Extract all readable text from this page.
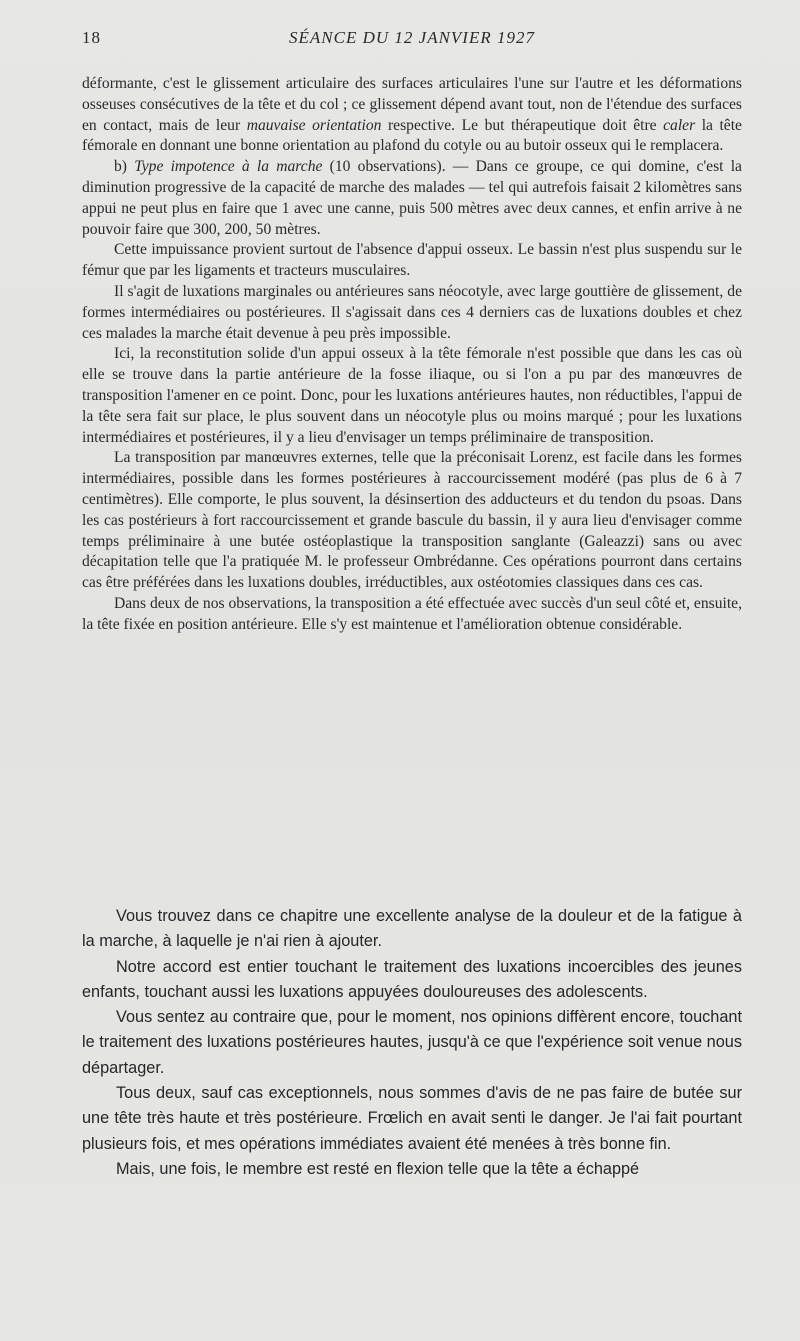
18	SÉANCE DU 12 JANVIER 1927

déformante, c'est le glissement articulaire des surfaces articulaires l'une sur l'autre et les déformations osseuses consécutives de la tête et du col ; ce glissement dépend avant tout, non de l'étendue des surfaces en contact, mais de leur mauvaise orientation respective. Le but thérapeutique doit être caler la tête fémorale en donnant une bonne orientation au plafond du cotyle ou au butoir osseux qui le remplacera.

b) Type impotence à la marche (10 observations). — Dans ce groupe, ce qui domine, c'est la diminution progressive de la capacité de marche des malades — tel qui autrefois faisait 2 kilomètres sans appui ne peut plus en faire que 1 avec une canne, puis 500 mètres avec deux cannes, et enfin arrive à ne pouvoir faire que 300, 200, 50 mètres.

Cette impuissance provient surtout de l'absence d'appui osseux. Le bassin n'est plus suspendu sur le fémur que par les ligaments et tracteurs musculaires.

Il s'agit de luxations marginales ou antérieures sans néocotyle, avec large gouttière de glissement, de formes intermédiaires ou postérieures. Il s'agissait dans ces 4 derniers cas de luxations doubles et chez ces malades la marche était devenue à peu près impossible.

Ici, la reconstitution solide d'un appui osseux à la tête fémorale n'est possible que dans les cas où elle se trouve dans la partie antérieure de la fosse iliaque, ou si l'on a pu par des manœuvres de transposition l'amener en ce point. Donc, pour les luxations antérieures hautes, non réductibles, l'appui de la tête sera fait sur place, le plus souvent dans un néocotyle plus ou moins marqué ; pour les luxations intermédiaires et postérieures, il y a lieu d'envisager un temps préliminaire de transposition.

La transposition par manœuvres externes, telle que la préconisait Lorenz, est facile dans les formes intermédiaires, possible dans les formes postérieures à raccourcissement modéré (pas plus de 6 à 7 centimètres). Elle comporte, le plus souvent, la désinsertion des adducteurs et du tendon du psoas. Dans les cas postérieurs à fort raccourcissement et grande bascule du bassin, il y aura lieu d'envisager comme temps préliminaire à une butée ostéoplastique la transposition sanglante (Galeazzi) sans ou avec décapitation telle que l'a pratiquée M. le professeur Ombrédanne. Ces opérations pourront dans certains cas être préférées dans les luxations doubles, irréductibles, aux ostéotomies classiques dans ces cas.

Dans deux de nos observations, la transposition a été effectuée avec succès d'un seul côté et, ensuite, la tête fixée en position antérieure. Elle s'y est maintenue et l'amélioration obtenue considérable.

Vous trouvez dans ce chapitre une excellente analyse de la douleur et de la fatigue à la marche, à laquelle je n'ai rien à ajouter.

Notre accord est entier touchant le traitement des luxations incoercibles des jeunes enfants, touchant aussi les luxations appuyées douloureuses des adolescents.

Vous sentez au contraire que, pour le moment, nos opinions diffèrent encore, touchant le traitement des luxations postérieures hautes, jusqu'à ce que l'expérience soit venue nous départager.

Tous deux, sauf cas exceptionnels, nous sommes d'avis de ne pas faire de butée sur une tête très haute et très postérieure. Frœlich en avait senti le danger. Je l'ai fait pourtant plusieurs fois, et mes opérations immédiates avaient été menées à très bonne fin.

Mais, une fois, le membre est resté en flexion telle que la tête a échappé
